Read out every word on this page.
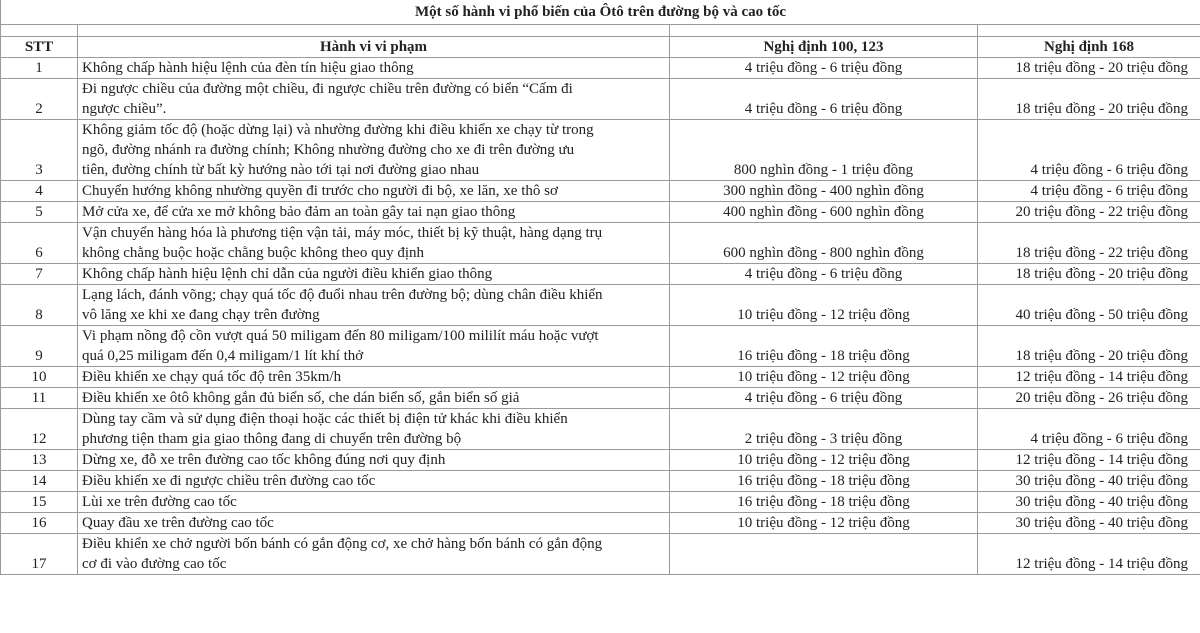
Một số hành vi phổ biến của Ôtô trên đường bộ và cao tốc			

STT	Hành vi vi phạm	Nghị định 100, 123	Nghị định 168
1	Không chấp hành hiệu lệnh của đèn tín hiệu giao thông	4 triệu đồng - 6 triệu đồng	18 triệu đồng - 20 triệu đồng
2	Đi ngược chiều của đường một chiều, đi ngược chiều trên đường có biển “Cấm đi
ngược chiều”.	4 triệu đồng - 6 triệu đồng	18 triệu đồng - 20 triệu đồng
3	Không giảm tốc độ (hoặc dừng lại) và nhường đường khi điều khiển xe chạy từ trong
ngõ, đường nhánh ra đường chính; Không nhường đường cho xe đi trên đường ưu
tiên, đường chính từ bất kỳ hướng nào tới tại nơi đường giao nhau	800 nghìn đồng - 1 triệu đồng	4 triệu đồng - 6 triệu đồng
4	Chuyển hướng không nhường quyền đi trước cho người đi bộ, xe lăn, xe thô sơ	300 nghìn đồng - 400 nghìn đồng	4 triệu đồng - 6 triệu đồng
5	Mở cửa xe, để cửa xe mở không bảo đảm an toàn gây tai nạn giao thông	400 nghìn đồng - 600 nghìn đồng	20 triệu đồng - 22 triệu đồng
6	Vận chuyển hàng hóa là phương tiện vận tải, máy móc, thiết bị kỹ thuật, hàng dạng trụ
không chằng buộc hoặc chằng buộc không theo quy định	600 nghìn đồng - 800 nghìn đồng	18 triệu đồng - 22 triệu đồng
7	Không chấp hành hiệu lệnh chỉ dẫn của người điều khiển giao thông	4 triệu đồng - 6 triệu đồng	18 triệu đồng - 20 triệu đồng
8	Lạng lách, đánh võng; chạy quá tốc độ đuổi nhau trên đường bộ; dùng chân điều khiển
vô lăng xe khi xe đang chạy trên đường	10 triệu đồng - 12 triệu đồng	40 triệu đồng - 50 triệu đồng
9	Vi phạm nồng độ cồn vượt quá 50 miligam đến 80 miligam/100 mililít máu hoặc vượt
quá 0,25 miligam đến 0,4 miligam/1 lít khí thở	16 triệu đồng - 18 triệu đồng	18 triệu đồng - 20 triệu đồng
10	Điều khiển xe chạy quá tốc độ trên 35km/h	10 triệu đồng - 12 triệu đồng	12 triệu đồng - 14 triệu đồng
11	Điều khiển xe ôtô không gắn đủ biển số, che dán biển số, gắn biển số giả	4 triệu đồng - 6 triệu đồng	20 triệu đồng - 26 triệu đồng
12	Dùng tay cầm và sử dụng điện thoại hoặc các thiết bị điện tử khác khi điều khiển
phương tiện tham gia giao thông đang di chuyển trên đường bộ	2 triệu đồng - 3 triệu đồng	4 triệu đồng - 6 triệu đồng
13	Dừng xe, đỗ xe trên đường cao tốc không đúng nơi quy định	10 triệu đồng - 12 triệu đồng	12 triệu đồng - 14 triệu đồng
14	Điều khiển xe đi ngược chiều trên đường cao tốc	16 triệu đồng - 18 triệu đồng	30 triệu đồng - 40 triệu đồng
15	Lùi xe trên đường cao tốc	16 triệu đồng - 18 triệu đồng	30 triệu đồng - 40 triệu đồng
16	Quay đầu xe trên đường cao tốc	10 triệu đồng - 12 triệu đồng	30 triệu đồng - 40 triệu đồng
17	Điều khiển xe chở người bốn bánh có gắn động cơ, xe chở hàng bốn bánh có gắn động
cơ đi vào đường cao tốc		12 triệu đồng - 14 triệu đồng
